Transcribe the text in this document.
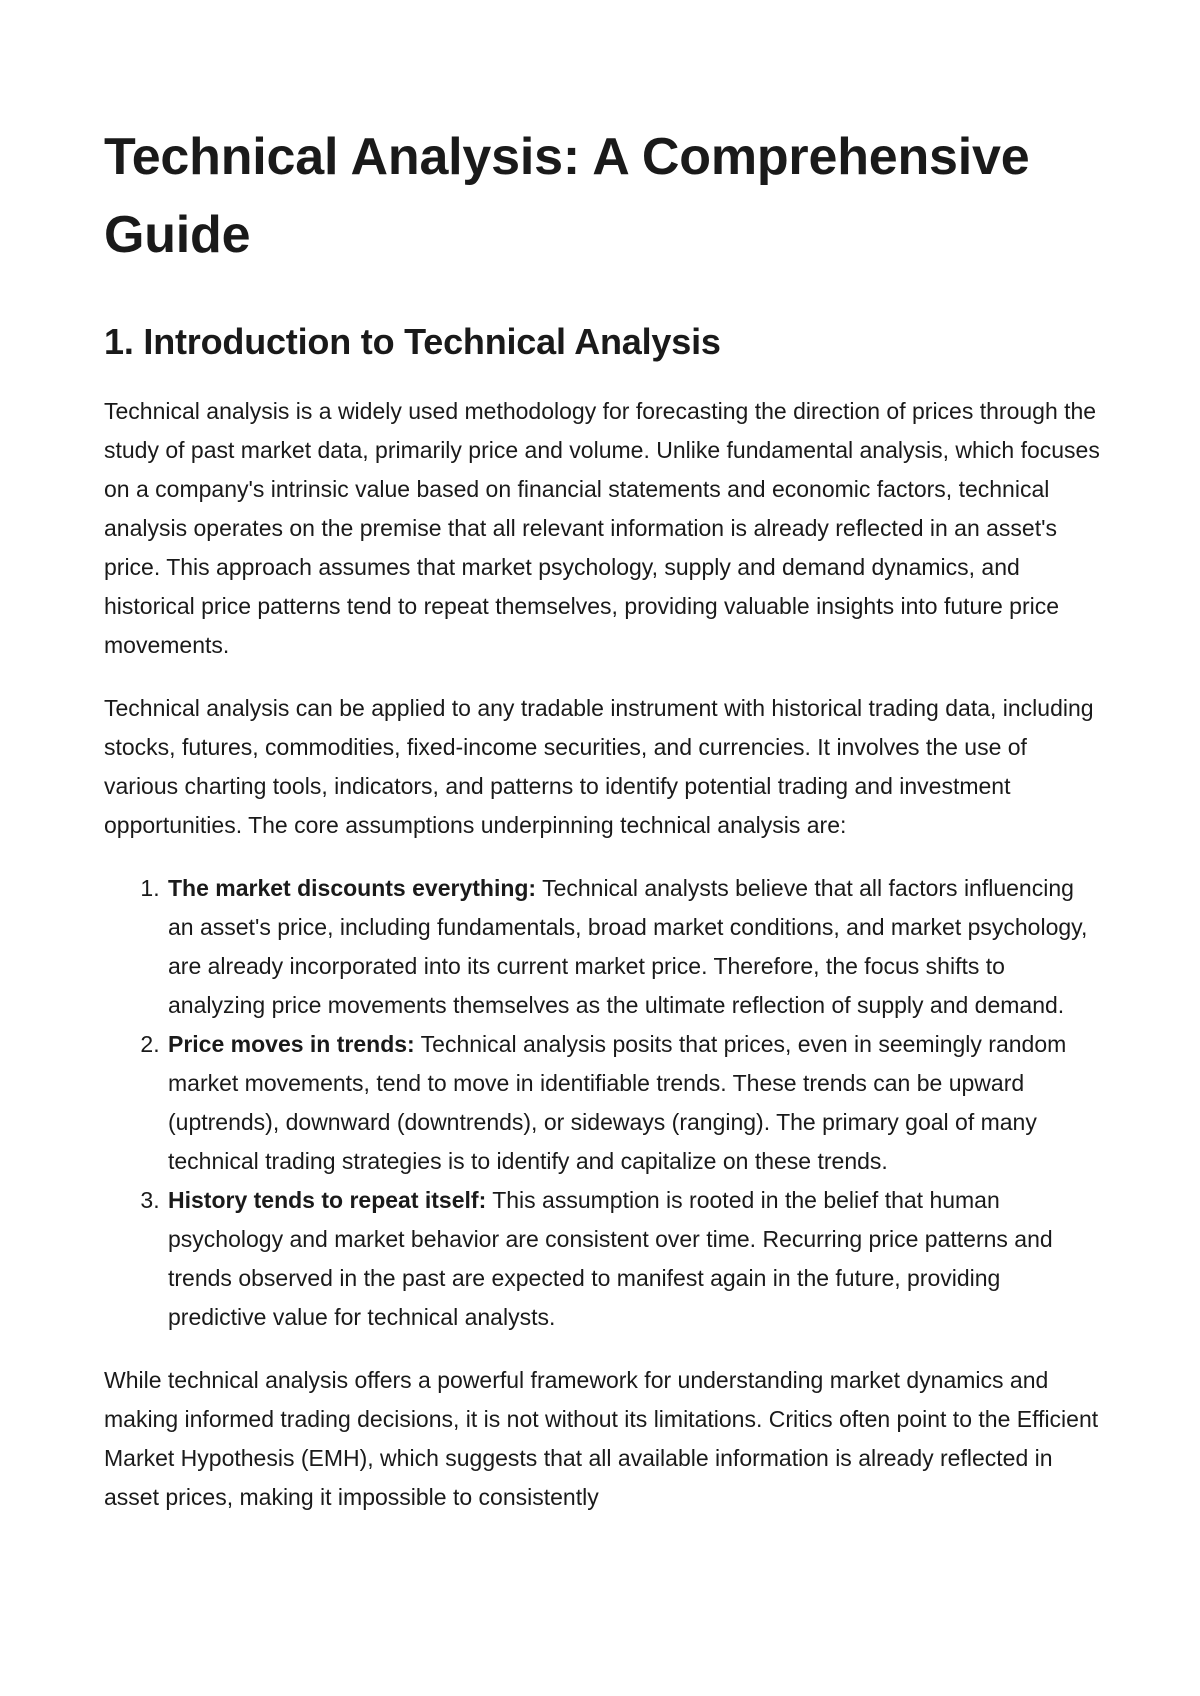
Technical Analysis: A Comprehensive Guide
1. Introduction to Technical Analysis

Technical analysis is a widely used methodology for forecasting the direction of prices through the study of past market data, primarily price and volume. Unlike fundamental analysis, which focuses on a company's intrinsic value based on financial statements and economic factors, technical analysis operates on the premise that all relevant information is already reflected in an asset's price. This approach assumes that market psychology, supply and demand dynamics, and historical price patterns tend to repeat themselves, providing valuable insights into future price movements.

Technical analysis can be applied to any tradable instrument with historical trading data, including stocks, futures, commodities, fixed-income securities, and currencies. It involves the use of various charting tools, indicators, and patterns to identify potential trading and investment opportunities. The core assumptions underpinning technical analysis are:

1. The market discounts everything: Technical analysts believe that all factors influencing an asset's price, including fundamentals, broad market conditions, and market psychology, are already incorporated into its current market price. Therefore, the focus shifts to analyzing price movements themselves as the ultimate reflection of supply and demand.
2. Price moves in trends: Technical analysis posits that prices, even in seemingly random market movements, tend to move in identifiable trends. These trends can be upward (uptrends), downward (downtrends), or sideways (ranging). The primary goal of many technical trading strategies is to identify and capitalize on these trends.
3. History tends to repeat itself: This assumption is rooted in the belief that human psychology and market behavior are consistent over time. Recurring price patterns and trends observed in the past are expected to manifest again in the future, providing predictive value for technical analysts.

While technical analysis offers a powerful framework for understanding market dynamics and making informed trading decisions, it is not without its limitations. Critics often point to the Efficient Market Hypothesis (EMH), which suggests that all available information is already reflected in asset prices, making it impossible to consistently
